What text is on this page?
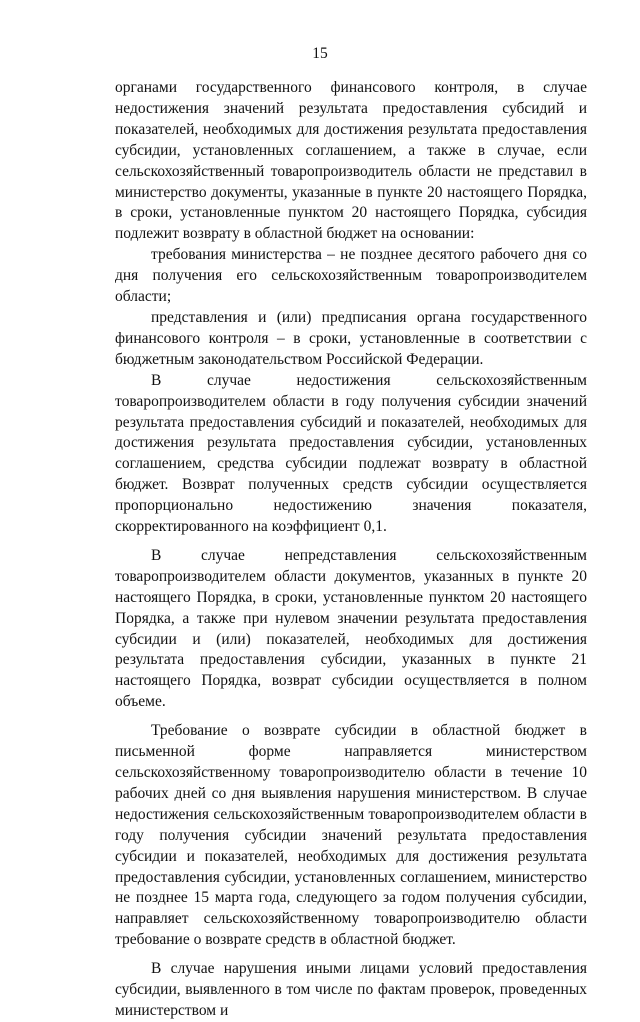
15

органами государственного финансового контроля, в случае недостижения значений результата предоставления субсидий и показателей, необходимых для достижения результата предоставления субсидии, установленных соглашением, а также в случае, если сельскохозяйственный товаропроизводитель области не представил в министерство документы, указанные в пункте 20 настоящего Порядка, в сроки, установленные пунктом 20 настоящего Порядка, субсидия подлежит возврату в областной бюджет на основании:

требования министерства – не позднее десятого рабочего дня со дня получения его сельскохозяйственным товаропроизводителем области;

представления и (или) предписания органа государственного финансового контроля – в сроки, установленные в соответствии с бюджетным законодательством Российской Федерации.

В случае недостижения сельскохозяйственным товаропроизводителем области в году получения субсидии значений результата предоставления субсидий и показателей, необходимых для достижения результата предоставления субсидии, установленных соглашением, средства субсидии подлежат возврату в областной бюджет. Возврат полученных средств субсидии осуществляется пропорционально недостижению значения показателя, скорректированного на коэффициент 0,1.

В случае непредставления сельскохозяйственным товаропроизводителем области документов, указанных в пункте 20 настоящего Порядка, в сроки, установленные пунктом 20 настоящего Порядка, а также при нулевом значении результата предоставления субсидии и (или) показателей, необходимых для достижения результата предоставления субсидии, указанных в пункте 21 настоящего Порядка, возврат субсидии осуществляется в полном объеме.

Требование о возврате субсидии в областной бюджет в письменной форме направляется министерством сельскохозяйственному товаропроизводителю области в течение 10 рабочих дней со дня выявления нарушения министерством. В случае недостижения сельскохозяйственным товаропроизводителем области в году получения субсидии значений результата предоставления субсидии и показателей, необходимых для достижения результата предоставления субсидии, установленных соглашением, министерство не позднее 15 марта года, следующего за годом получения субсидии, направляет сельскохозяйственному товаропроизводителю области требование о возврате средств в областной бюджет.

В случае нарушения иными лицами условий предоставления субсидии, выявленного в том числе по фактам проверок, проведенных министерством и
